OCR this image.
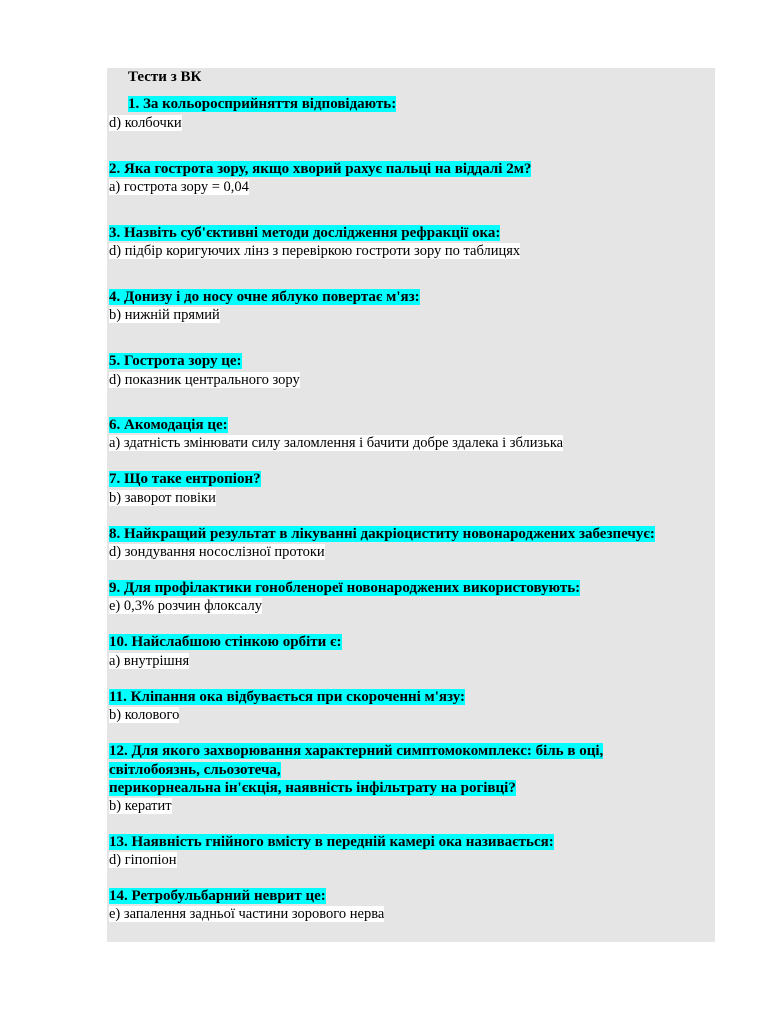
Тести з ВК
1. За кольоросприйняття відповідають:
d) колбочки
2. Яка гострота зору, якщо хворий рахує пальці на віддалі 2м?
а) гострота зору = 0,04
3. Назвіть суб'єктивні методи дослідження рефракції ока:
d) підбір коригуючих лінз з перевіркою гостроти зору по таблицях
4. Донизу і до носу очне яблуко повертає м'яз:
b) нижній прямий
5. Гострота зору це:
d) показник центрального зору
6. Акомодація це:
а) здатність змінювати силу заломлення і бачити добре здалека і зблизька
7. Що таке ентропіон?
b) заворот повіки
8. Найкращий результат в лікуванні дакріоциститу новонароджених забезпечує:
d) зондування носослізної протоки
9. Для профілактики гонобленореї новонароджених використовують:
е) 0,3% розчин флоксалу
10. Найслабшою стінкою орбіти є:
а) внутрішня
11. Кліпання ока відбувається при скороченні м'язу:
b) колового
12. Для якого захворювання характерний симптомокомплекс: біль в оці,
світлобоязнь, сльозотеча,
перикорнеальна ін'єкція, наявність інфільтрату на рогівці?
b) кератит
13. Наявність гнійного вмісту в передній камері ока називається:
d) гіпопіон
14. Ретробульбарний неврит це:
е) запалення задньої частини зорового нерва
